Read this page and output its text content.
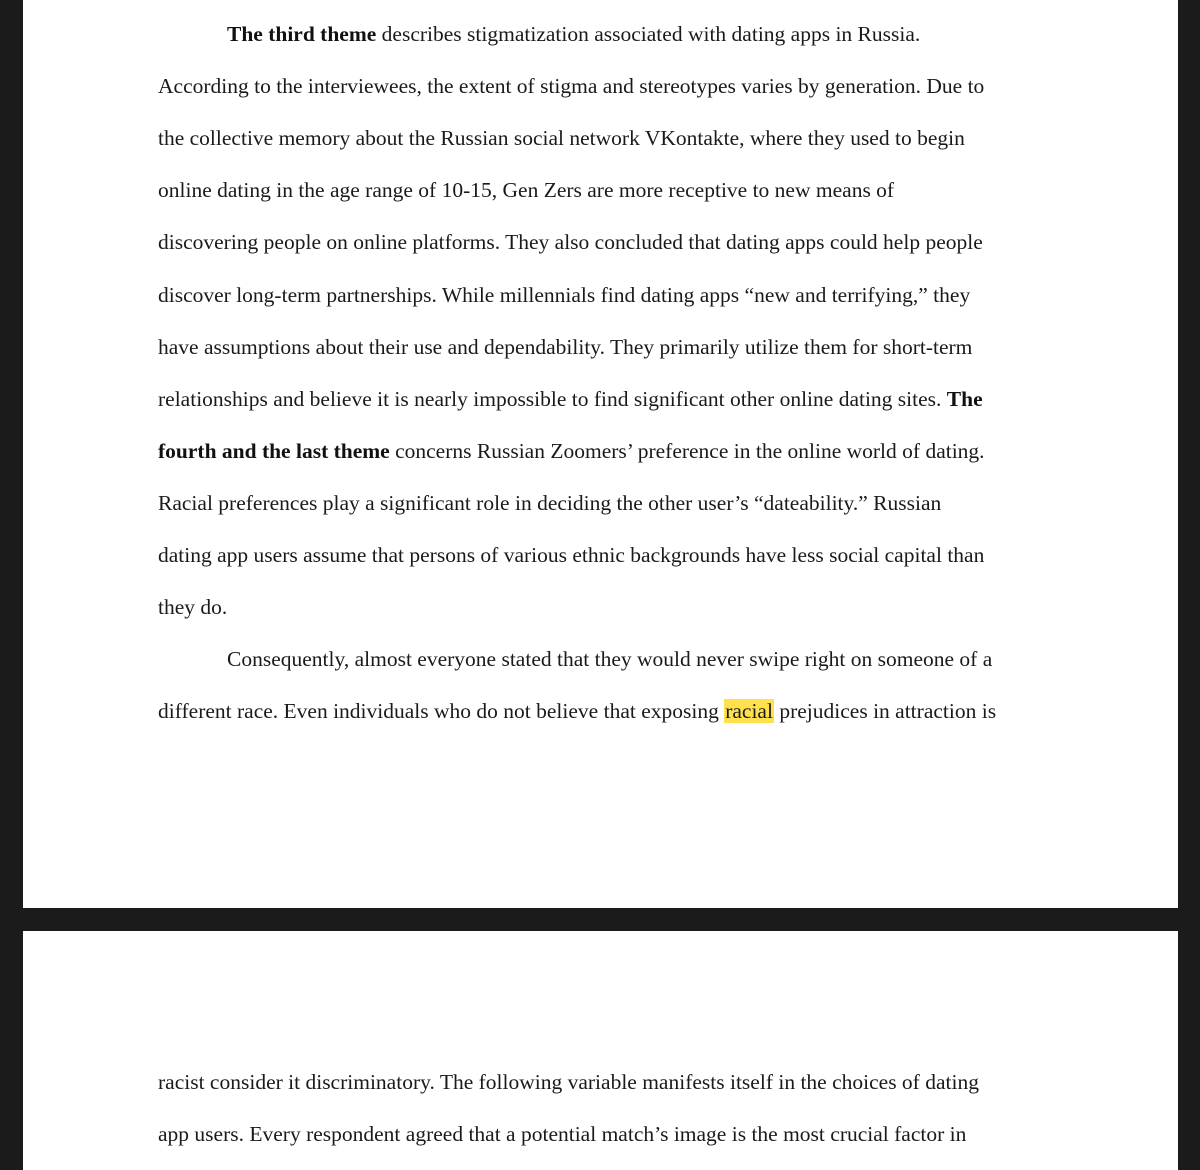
The third theme describes stigmatization associated with dating apps in Russia.
According to the interviewees, the extent of stigma and stereotypes varies by generation. Due to
the collective memory about the Russian social network VKontakte, where they used to begin
online dating in the age range of 10-15, Gen Zers are more receptive to new means of
discovering people on online platforms. They also concluded that dating apps could help people
discover long-term partnerships. While millennials find dating apps “new and terrifying,” they
have assumptions about their use and dependability. They primarily utilize them for short-term
relationships and believe it is nearly impossible to find significant other online dating sites. The
fourth and the last theme concerns Russian Zoomers’ preference in the online world of dating.
Racial preferences play a significant role in deciding the other user’s “dateability.” Russian
dating app users assume that persons of various ethnic backgrounds have less social capital than
they do.
Consequently, almost everyone stated that they would never swipe right on someone of a
different race. Even individuals who do not believe that exposing racial prejudices in attraction is
racist consider it discriminatory. The following variable manifests itself in the choices of dating
app users. Every respondent agreed that a potential match’s image is the most crucial factor in
